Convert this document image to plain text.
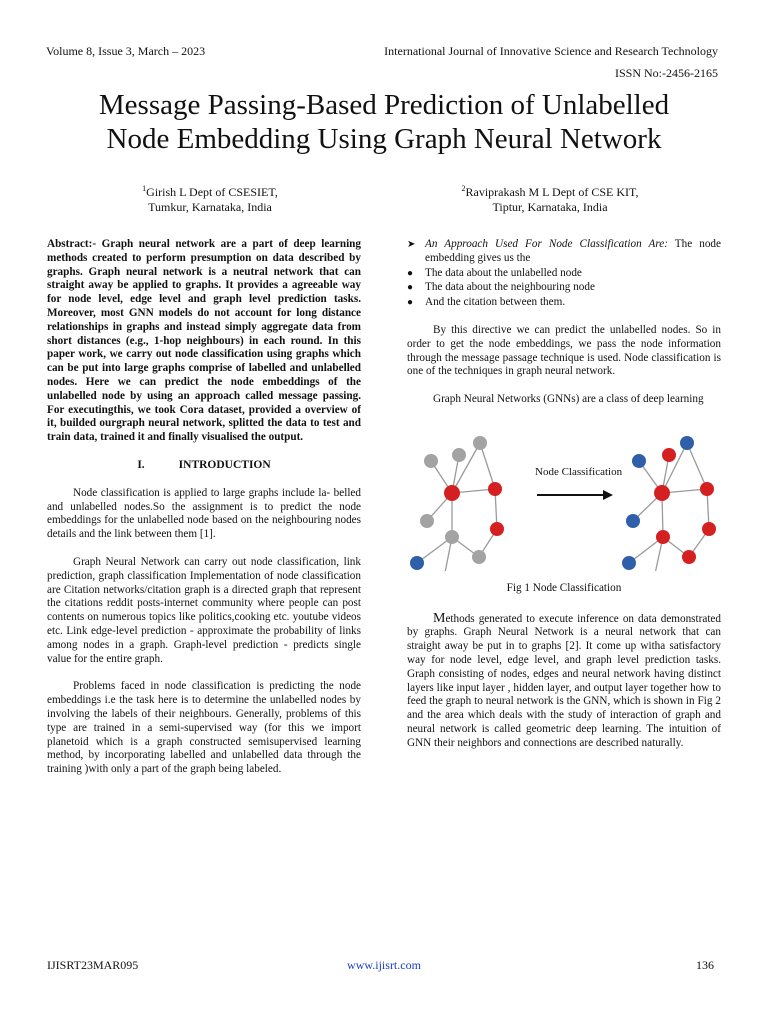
Volume 8, Issue 3, March – 2023	International Journal of Innovative Science and Research Technology
ISSN No:-2456-2165
Message Passing-Based Prediction of Unlabelled
Node Embedding Using Graph Neural Network
$^1$Girish L Dept of CSESIET,
Tumkur, Karnataka, India
$^2$Raviprakash M L Dept of CSE KIT,
Tiptur, Karnataka, India

Abstract:- Graph neural network are a part of deep learning methods created to perform presumption on data described by graphs. Graph neural network is a neutral network that can straight away be applied to graphs. It provides a agreeable way for node level, edge level and graph level prediction tasks. Moreover, most GNN models do not account for long distance relationships in graphs and instead simply aggregate data from short distances (e.g., 1-hop neighbours) in each round. In this paper work, we carry out node classification using graphs which can be put into large graphs comprise of labelled and unlabelled nodes. Here we can predict the node embeddings of the unlabelled node by using an approach called message passing. For executingthis, we took Cora dataset, provided a overview of it, builded ourgraph neural network, splitted the data to test and train data, trained it and finally visualised the output.

I.	INTRODUCTION

Node classification is applied to large graphs include la- belled and unlabelled nodes.So the assignment is to predict the node embeddings for the unlabelled node based on the neighbouring nodes details and the link between them [1].

Graph Neural Network can carry out node classification, link prediction, graph classification Implementation of node classification are Citation networks/citation graph is a directed graph that represent the citations reddit posts-internet community where people can post contents on numerous topics like politics,cooking etc. youtube videos etc. Link edge-level prediction - approximate the probability of links among nodes in a graph. Graph-level prediction - predicts single value for the entire graph.

Problems faced in node classification is predicting the node embeddings i.e the task here is to determine the unlabelled nodes by involving the labels of their neighbours. Generally, problems of this type are trained in a semi-supervised way (for this we import planetoid which is a graph constructed semisupervised learning method, by incorporating labelled and unlabelled data through the training )with only a part of the graph being labeled.

➤ An Approach Used For Node Classification Are: The node embedding gives us the
● The data about the unlabelled node
● The data about the neighbouring node
● And the citation between them.

By this directive we can predict the unlabelled nodes. So in order to get the node embeddings, we pass the node information through the message passage technique is used. Node classification is one of the techniques in graph neural network.

Graph Neural Networks (GNNs) are a class of deep learning

Node Classification
Fig 1 Node Classification

Methods generated to execute inference on data demonstrated by graphs. Graph Neural Network is a neural network that can straight away be put in to graphs [2]. It come up witha satisfactory way for node level, edge level, and graph level prediction tasks. Graph consisting of nodes, edges and neural network having distinct layers like input layer , hidden layer, and output layer together how to feed the graph to neural network is the GNN, which is shown in Fig 2 and the area which deals with the study of interaction of graph and neural network is called geometric deep learning. The intuition of GNN their neighbors and connections are described naturally.

IJISRT23MAR095	www.ijisrt.com	136
